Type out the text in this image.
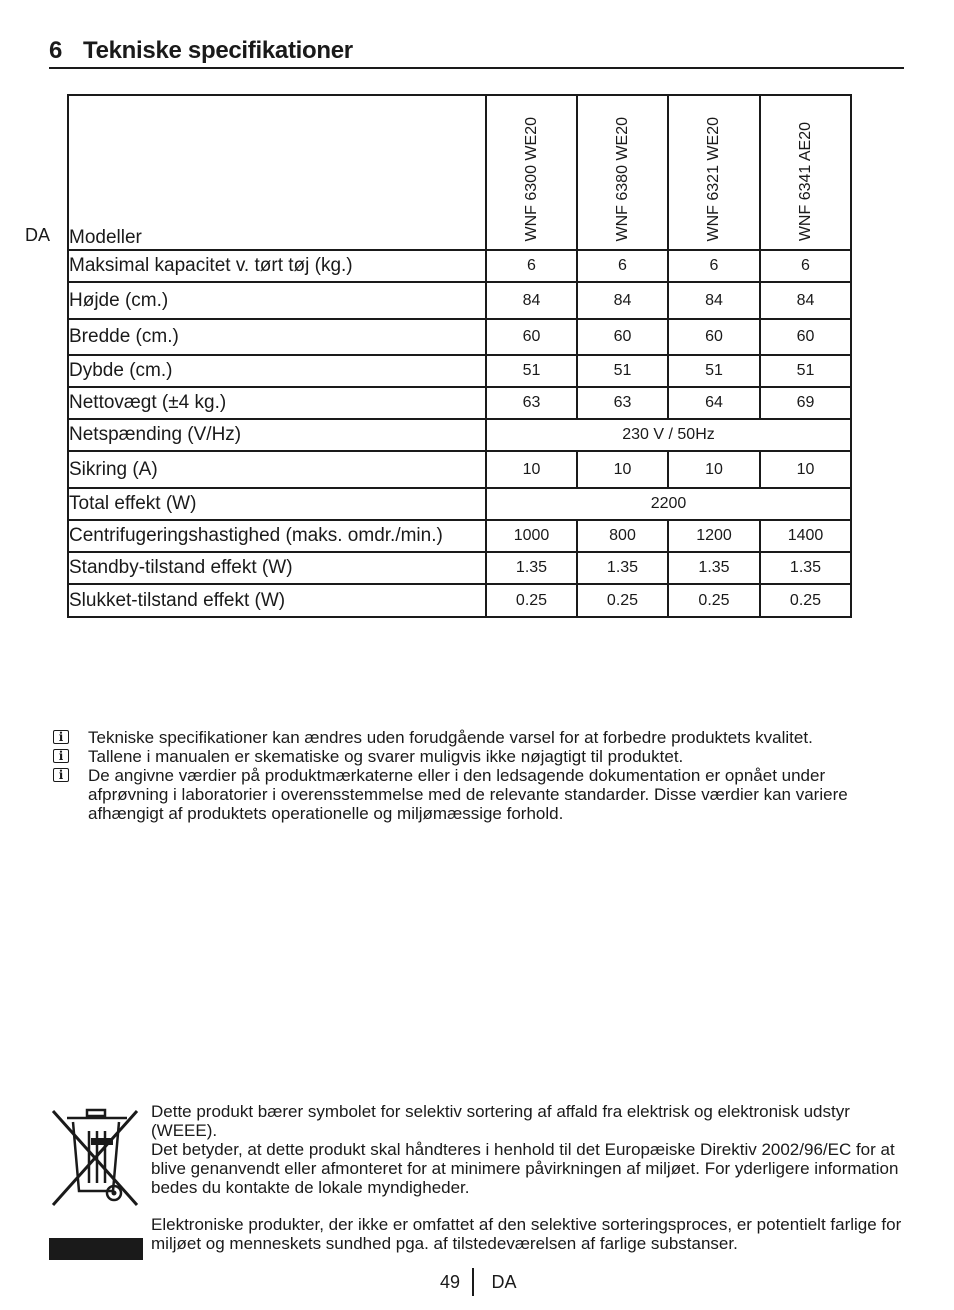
6 Tekniske specifikationer
DA Modeller	WNF 6300 WE20	WNF 6380 WE20	WNF 6321 WE20	WNF 6341 AE20

Maksimal kapacitet v. tørt tøj (kg.)	6	6	6	6
Højde (cm.)	84	84	84	84
Bredde (cm.)	60	60	60	60
Dybde (cm.)	51	51	51	51
Nettovægt (±4 kg.)	63	63	64	69
Netspænding (V/Hz)	230 V / 50Hz			
Sikring (A)	10	10	10	10
Total effekt (W)	2200			
Centrifugeringshastighed (maks. omdr./min.)	1000	800	1200	1400
Standby-tilstand effekt (W)	1.35	1.35	1.35	1.35
Slukket-tilstand effekt (W)	0.25	0.25	0.25	0.25
i	Tekniske specifikationer kan ændres uden forudgående varsel for at forbedre produktets kvalitet.
i	Tallene i manualen er skematiske og svarer muligvis ikke nøjagtigt til produktet.
i	De angivne værdier på produktmærkaterne eller i den ledsagende dokumentation er opnået under afprøvning i laboratorier i overensstemmelse med de relevante standarder. Disse værdier kan variere afhængigt af produktets operationelle og miljømæssige forhold.

Dette produkt bærer symbolet for selektiv sortering af affald fra elektrisk og elektronisk udstyr (WEEE).

Det betyder, at dette produkt skal håndteres i henhold til det Europæiske Direktiv 2002/96/EC for at blive genanvendt eller afmonteret for at minimere påvirkningen af miljøet. For yderligere information bedes du kontakte de lokale myndigheder.

Elektroniske produkter, der ikke er omfattet af den selektive sorteringsproces, er potentielt farlige for miljøet og menneskets sundhed pga. af tilstedeværelsen af farlige substanser.

49 DA
